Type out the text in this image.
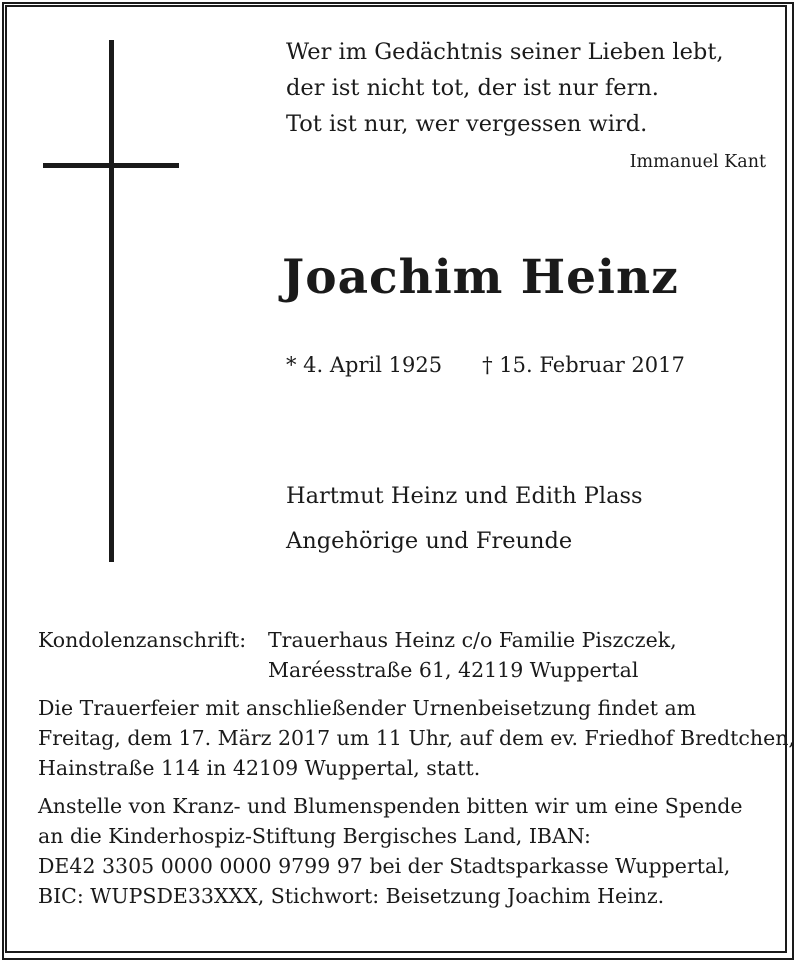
Wer im Gedächtnis seiner Lieben lebt,
der ist nicht tot, der ist nur fern.
Tot ist nur, wer vergessen wird.
Immanuel Kant
Joachim Heinz
* 4. April 1925 † 15. Februar 2017
Hartmut Heinz und Edith Plass
Angehörige und Freunde
Kondolenzanschrift:	Trauerhaus Heinz c/o Familie Piszczek,
Maréesstraße 61, 42119 Wuppertal
Die Trauerfeier mit anschließender Urnenbeisetzung findet am
Freitag, dem 17. März 2017 um 11 Uhr, auf dem ev. Friedhof Bredtchen,
Hainstraße 114 in 42109 Wuppertal, statt.
Anstelle von Kranz- und Blumenspenden bitten wir um eine Spende
an die Kinderhospiz-Stiftung Bergisches Land, IBAN:
DE42 3305 0000 0000 9799 97 bei der Stadtsparkasse Wuppertal,
BIC: WUPSDE33XXX, Stichwort: Beisetzung Joachim Heinz.
